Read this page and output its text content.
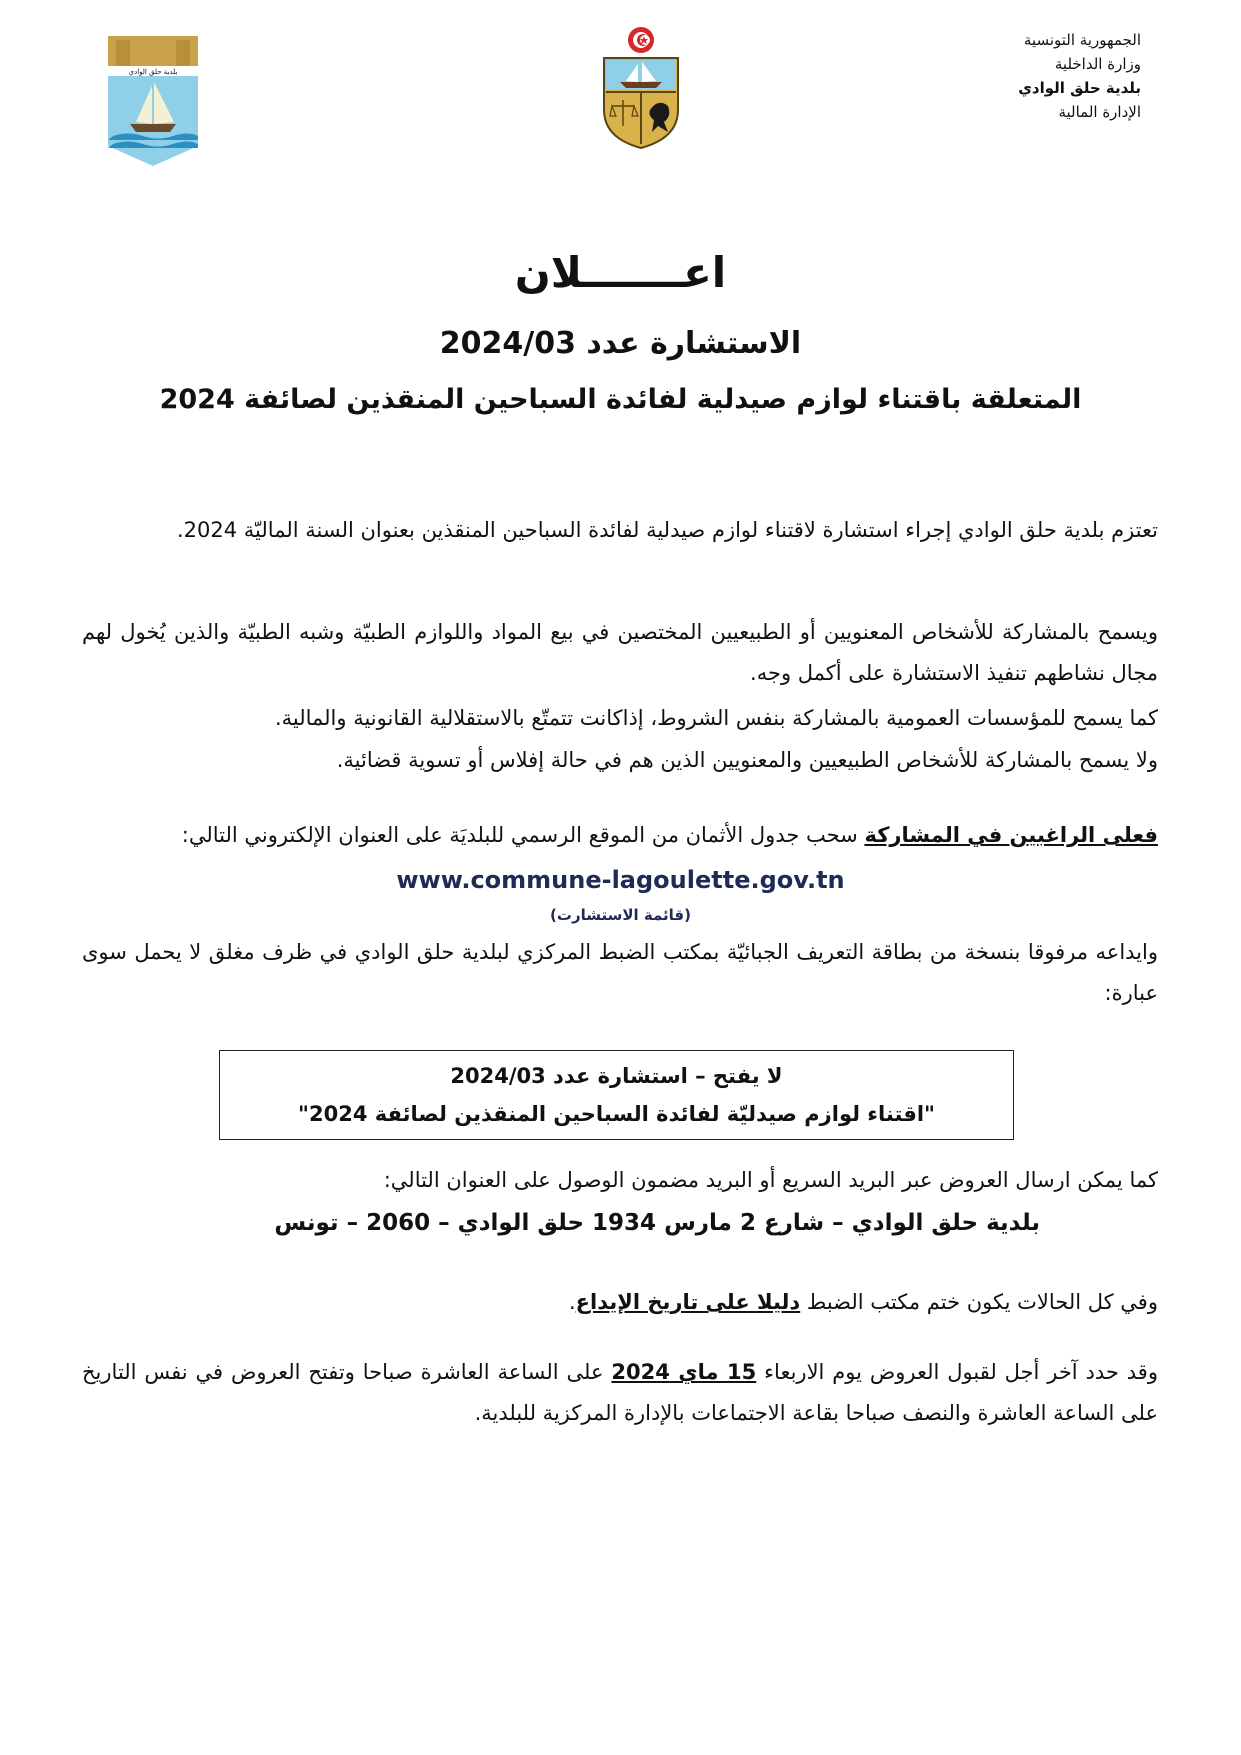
بلدية حلق الوادي
الجمهورية التونسية
وزارة الداخلية
بلدية حلق الوادي
الإدارة المالية
اعـــــــلان
الاستشارة عدد 2024/03
المتعلقة باقتناء لوازم صيدلية لفائدة السباحين المنقذين لصائفة 2024
تعتزم بلدية حلق الوادي إجراء استشارة لاقتناء لوازم صيدلية لفائدة السباحين المنقذين بعنوان السنة الماليّة 2024.
ويسمح بالمشاركة للأشخاص المعنويين أو الطبيعيين المختصين في بيع المواد واللوازم الطبيّة وشبه الطبيّة والذين يُخول لهم مجال نشاطهم تنفيذ الاستشارة على أكمل وجه.
كما يسمح للمؤسسات العمومية بالمشاركة بنفس الشروط، إذاكانت تتمتّع بالاستقلالية القانونية والمالية.
ولا يسمح بالمشاركة للأشخاص الطبيعيين والمعنويين الذين هم في حالة إفلاس أو تسوية قضائية.
فعلى الراغبين في المشاركة سحب جدول الأثمان من الموقع الرسمي للبلديَة على العنوان الإلكتروني التالي:
www.commune-lagoulette.gov.tn
(قائمة الاستشارت)
وايداعه مرفوقا بنسخة من بطاقة التعريف الجبائيّة بمكتب الضبط المركزي لبلدية حلق الوادي في ظرف مغلق لا يحمل سوى عبارة:
لا يفتح – استشارة عدد 2024/03
"اقتناء لوازم صيدليّة لفائدة السباحين المنقذين لصائفة 2024"
كما يمكن ارسال العروض عبر البريد السريع أو البريد مضمون الوصول على العنوان التالي:
بلدية حلق الوادي – شارع 2 مارس 1934 حلق الوادي – 2060 – تونس
وفي كل الحالات يكون ختم مكتب الضبط دليلا على تاريخ الإيداع.
وقد حدد آخر أجل لقبول العروض يوم الاربعاء 15 ماي 2024 على الساعة العاشرة صباحا وتفتح العروض في نفس التاريخ على الساعة العاشرة والنصف صباحا بقاعة الاجتماعات بالإدارة المركزية للبلدية.
